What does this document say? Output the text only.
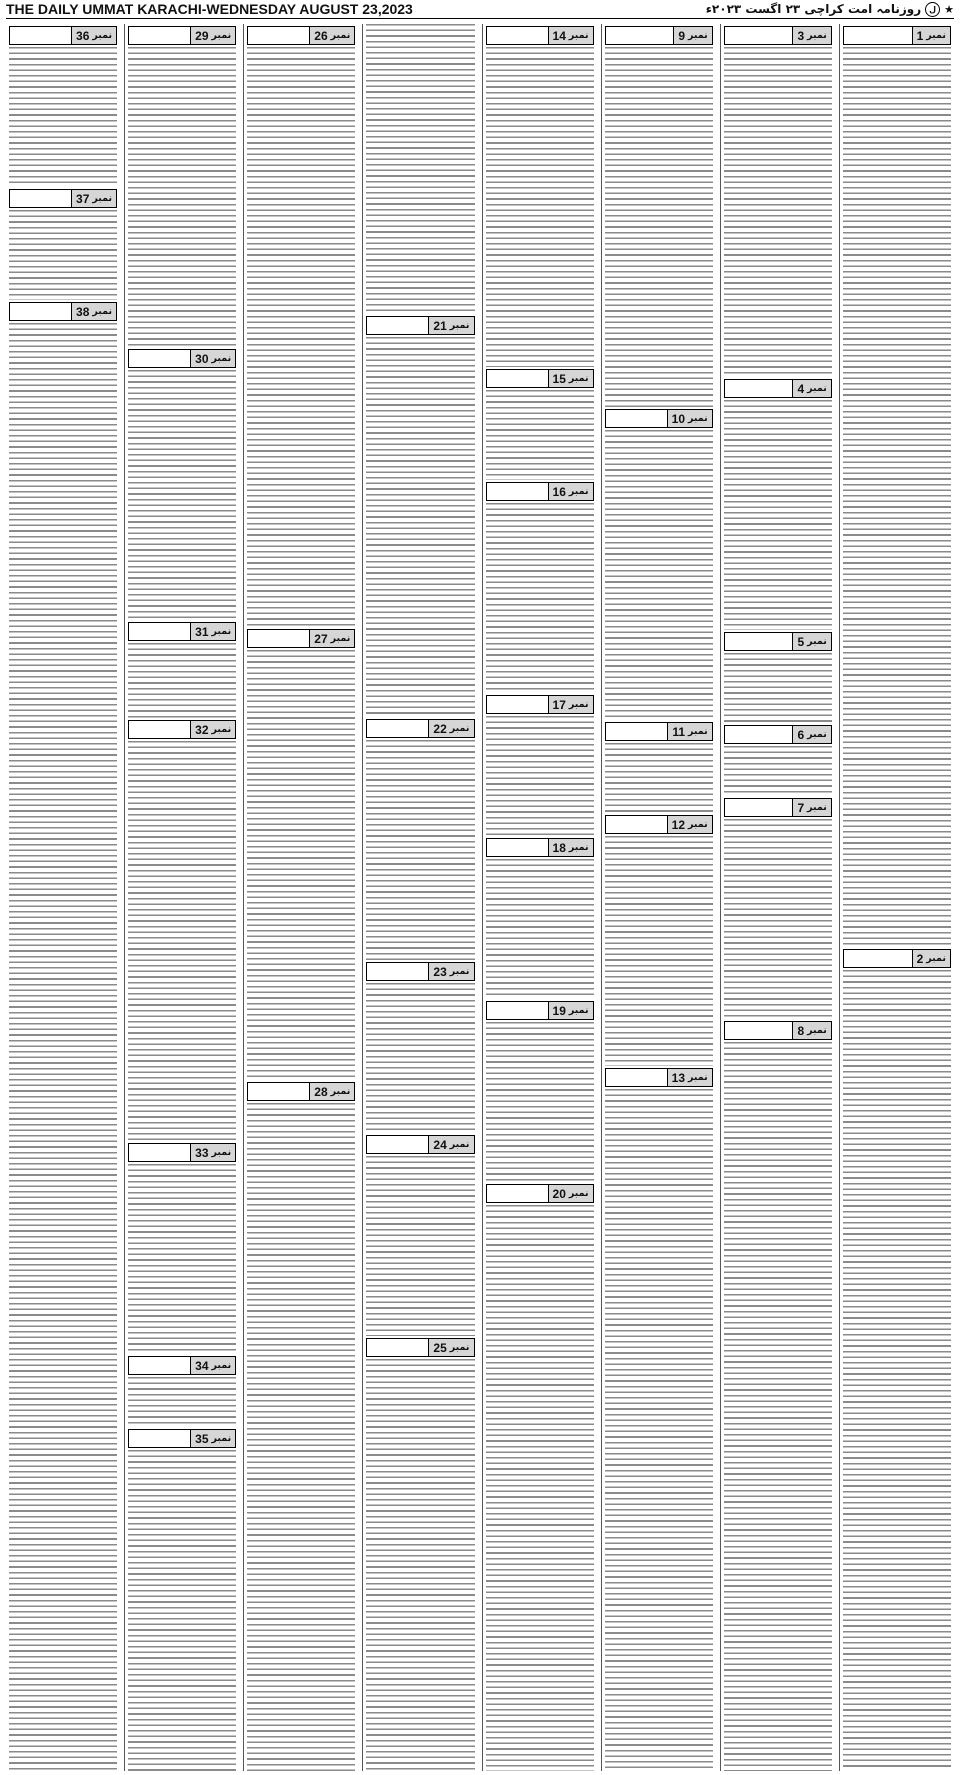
THE DAILY UMMAT KARACHI-WEDNESDAY AUGUST 23,2023	★
ل
روزنامہ امت کراچی ۲۳ اگست ۲۰۲۳ء
نمبر
1
نمبر
2
نمبر
3
نمبر
4
نمبر
5
نمبر
6
نمبر
7
نمبر
8
نمبر
9
نمبر
10
نمبر
11
نمبر
12
نمبر
13
نمبر
14
نمبر
15
نمبر
16
نمبر
17
نمبر
18
نمبر
19
نمبر
20
نمبر
21
نمبر
22
نمبر
23
نمبر
24
نمبر
25
نمبر
26
نمبر
27
نمبر
28
نمبر
29
نمبر
30
نمبر
31
نمبر
32
نمبر
33
نمبر
34
نمبر
35
نمبر
36
نمبر
37
نمبر
38
